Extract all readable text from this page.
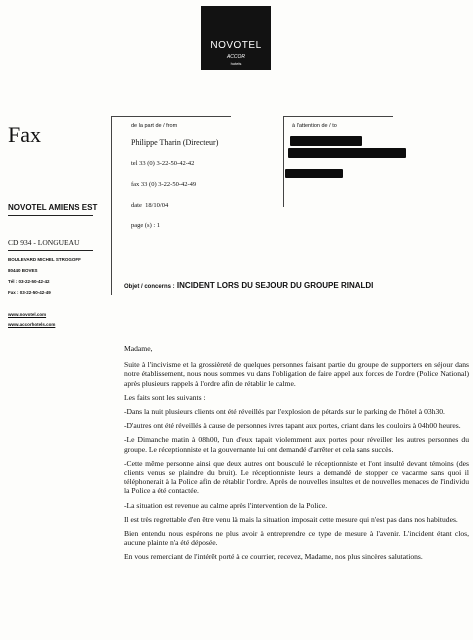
NOVOTEL
ACCOR
hotels
Fax
NOVOTEL AMIENS EST
CD 934 - LONGUEAU
BOULEVARD MICHEL STROGOFF
80440 BOVES
Tél : 03-22-50-42-42
Fax : 03-22-50-42-49
www.novotel.com
www.accorhotels.com
de la part de / from
Philippe Tharin (Directeur)
tel 33 (0) 3-22-50-42-42
fax 33 (0) 3-22-50-42-49
date 18/10/04
page (s) : 1
à l'attention de / to
Objet / concerns : INCIDENT LORS DU SEJOUR DU GROUPE RINALDI

Madame,

Suite à l'incivisme et la grossièreté de quelques personnes faisant partie du groupe de supporters en séjour dans notre établissement, nous nous sommes vu dans l'obligation de faire appel aux forces de l'ordre (Police National) après plusieurs rappels à l'ordre afin de rétablir le calme.

Les faits sont les suivants :

-Dans la nuit plusieurs clients ont été réveillés par l'explosion de pétards sur le parking de l'hôtel à 03h30.

-D'autres ont été réveillés à cause de personnes ivres tapant aux portes, criant dans les couloirs à 04h00 heures.

-Le Dimanche matin à 08h00, l'un d'eux tapait violemment aux portes pour réveiller les autres personnes du groupe. Le réceptionniste et la gouvernante lui ont demandé d'arrêter et cela sans succès.

-Cette même personne ainsi que deux autres ont bousculé le réceptionniste et l'ont insulté devant témoins (des clients venus se plaindre du bruit). Le réceptionniste leurs a demandé de stopper ce vacarme sans quoi il téléphonerait à la Police afin de rétablir l'ordre. Après de nouvelles insultes et de nouvelles menaces de l'individu la Police a été contactée.

-La situation est revenue au calme après l'intervention de la Police.

Il est très regrettable d'en être venu là mais la situation imposait cette mesure qui n'est pas dans nos habitudes.

Bien entendu nous espérons ne plus avoir à entreprendre ce type de mesure à l'avenir. L'incident étant clos, aucune plainte n'a été déposée.

En vous remerciant de l'intérêt porté à ce courrier, recevez, Madame, nos plus sincères salutations.
